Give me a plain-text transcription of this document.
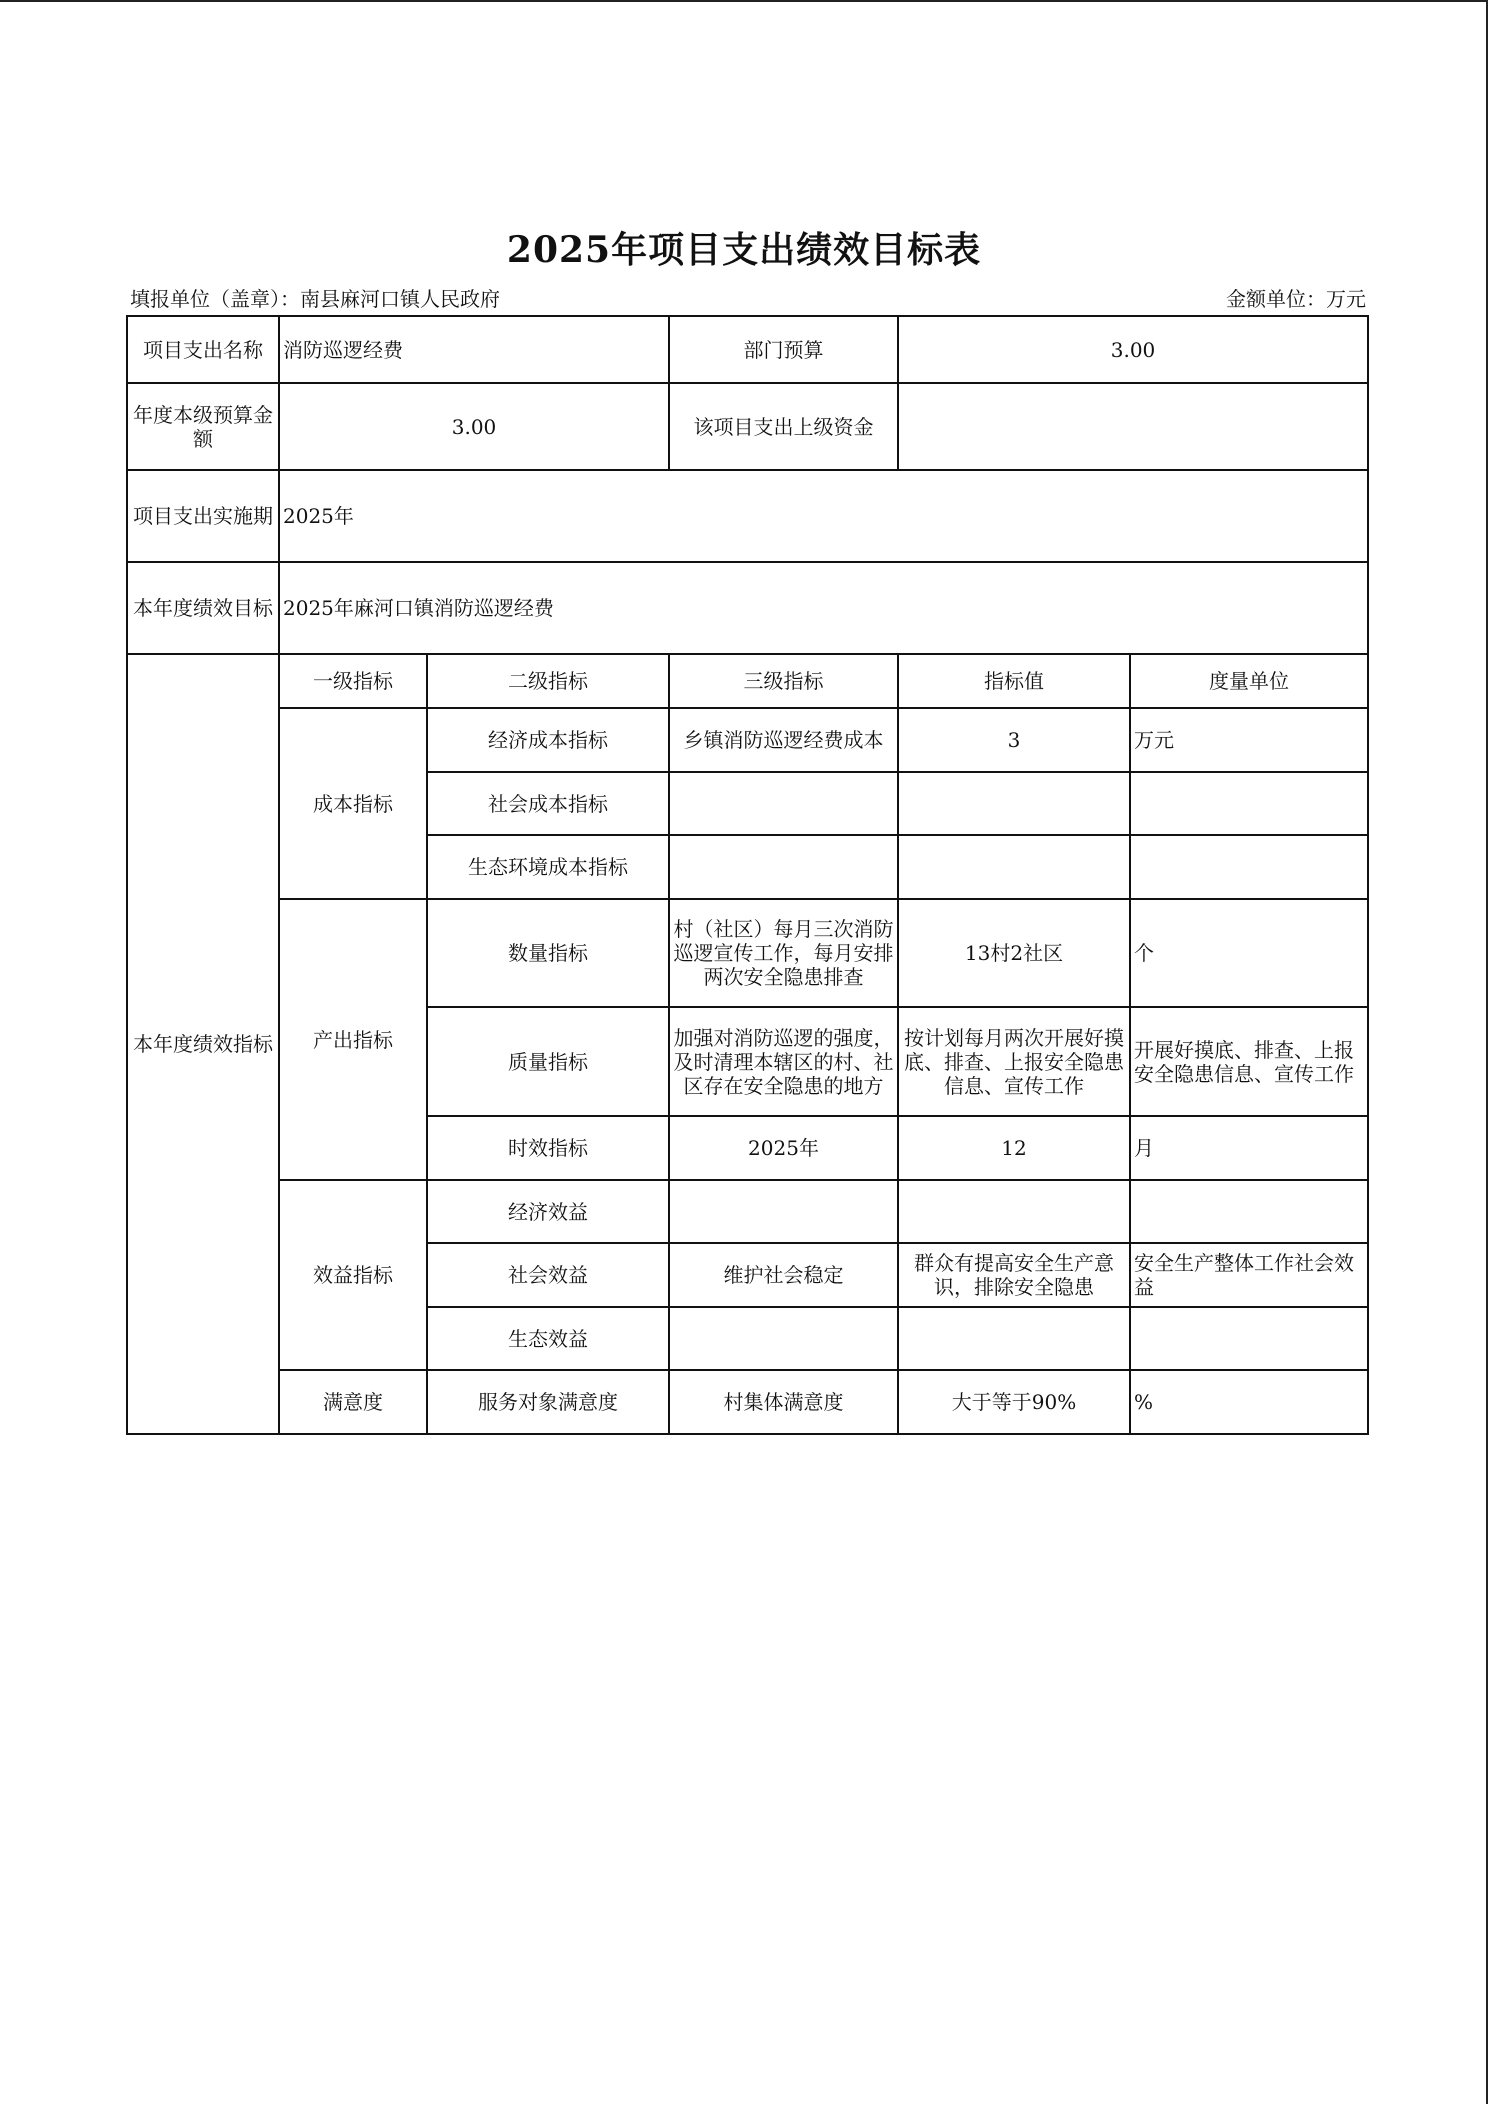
2025年项目支出绩效目标表
填报单位（盖章）：南县麻河口镇人民政府	金额单位：万元
项目支出名称	消防巡逻经费		部门预算	3.00	
年度本级预算金额	3.00		该项目支出上级资金		
项目支出实施期	2025年				
本年度绩效目标	2025年麻河口镇消防巡逻经费				
本年度绩效指标	一级指标	二级指标	三级指标	指标值	度量单位
	成本指标	经济成本指标	乡镇消防巡逻经费成本	3	万元
		社会成本指标			
		生态环境成本指标			
	产出指标	数量指标	村（社区）每月三次消防巡逻宣传工作，每月安排两次安全隐患排查	13村2社区	个
		质量指标	加强对消防巡逻的强度，及时清理本辖区的村、社区存在安全隐患的地方	按计划每月两次开展好摸底、排查、上报安全隐患信息、宣传工作	开展好摸底、排查、上报安全隐患信息、宣传工作
		时效指标	2025年	12	月
	效益指标	经济效益			
		社会效益	维护社会稳定	群众有提高安全生产意识，排除安全隐患	安全生产整体工作社会效益
		生态效益			
	满意度	服务对象满意度	村集体满意度	大于等于90%	%
